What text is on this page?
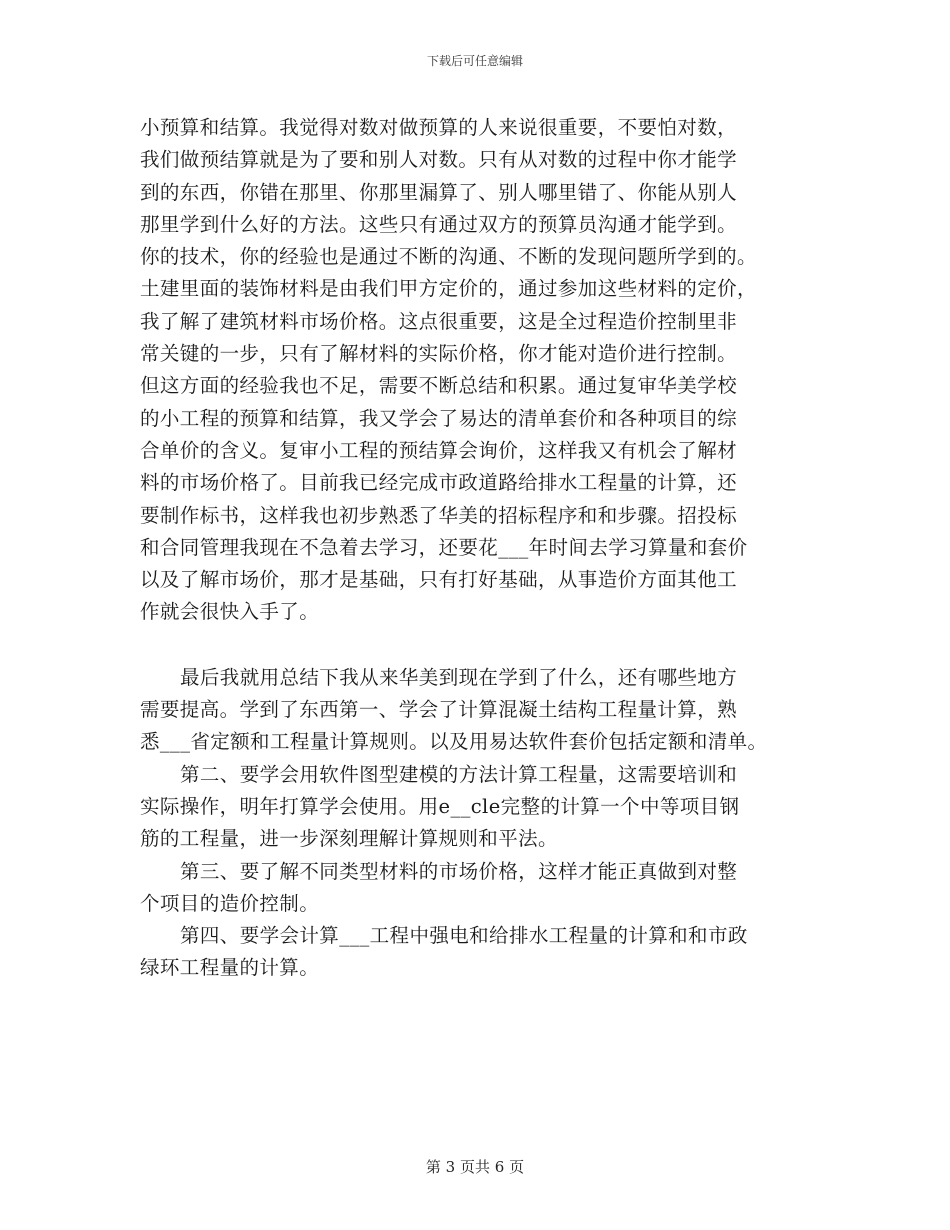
下载后可任意编辑
小预算和结算。我觉得对数对做预算的人来说很重要，不要怕对数，
我们做预结算就是为了要和别人对数。只有从对数的过程中你才能学
到的东西，你错在那里、你那里漏算了、别人哪里错了、你能从别人
那里学到什么好的方法。这些只有通过双方的预算员沟通才能学到。
你的技术，你的经验也是通过不断的沟通、不断的发现问题所学到的。
土建里面的装饰材料是由我们甲方定价的，通过参加这些材料的定价，
我了解了建筑材料市场价格。这点很重要，这是全过程造价控制里非
常关键的一步，只有了解材料的实际价格，你才能对造价进行控制。
但这方面的经验我也不足，需要不断总结和积累。通过复审华美学校
的小工程的预算和结算，我又学会了易达的清单套价和各种项目的综
合单价的含义。复审小工程的预结算会询价，这样我又有机会了解材
料的市场价格了。目前我已经完成市政道路给排水工程量的计算，还
要制作标书，这样我也初步熟悉了华美的招标程序和和步骤。招投标
和合同管理我现在不急着去学习，还要花___年时间去学习算量和套价
以及了解市场价，那才是基础，只有打好基础，从事造价方面其他工
作就会很快入手了。
最后我就用总结下我从来华美到现在学到了什么，还有哪些地方
需要提高。学到了东西第一、学会了计算混凝土结构工程量计算，熟
悉___省定额和工程量计算规则。以及用易达软件套价包括定额和清单。
第二、要学会用软件图型建模的方法计算工程量，这需要培训和
实际操作，明年打算学会使用。用e__cle完整的计算一个中等项目钢
筋的工程量，进一步深刻理解计算规则和平法。
第三、要了解不同类型材料的市场价格，这样才能正真做到对整
个项目的造价控制。
第四、要学会计算___工程中强电和给排水工程量的计算和和市政
绿环工程量的计算。
第 3 页共 6 页
